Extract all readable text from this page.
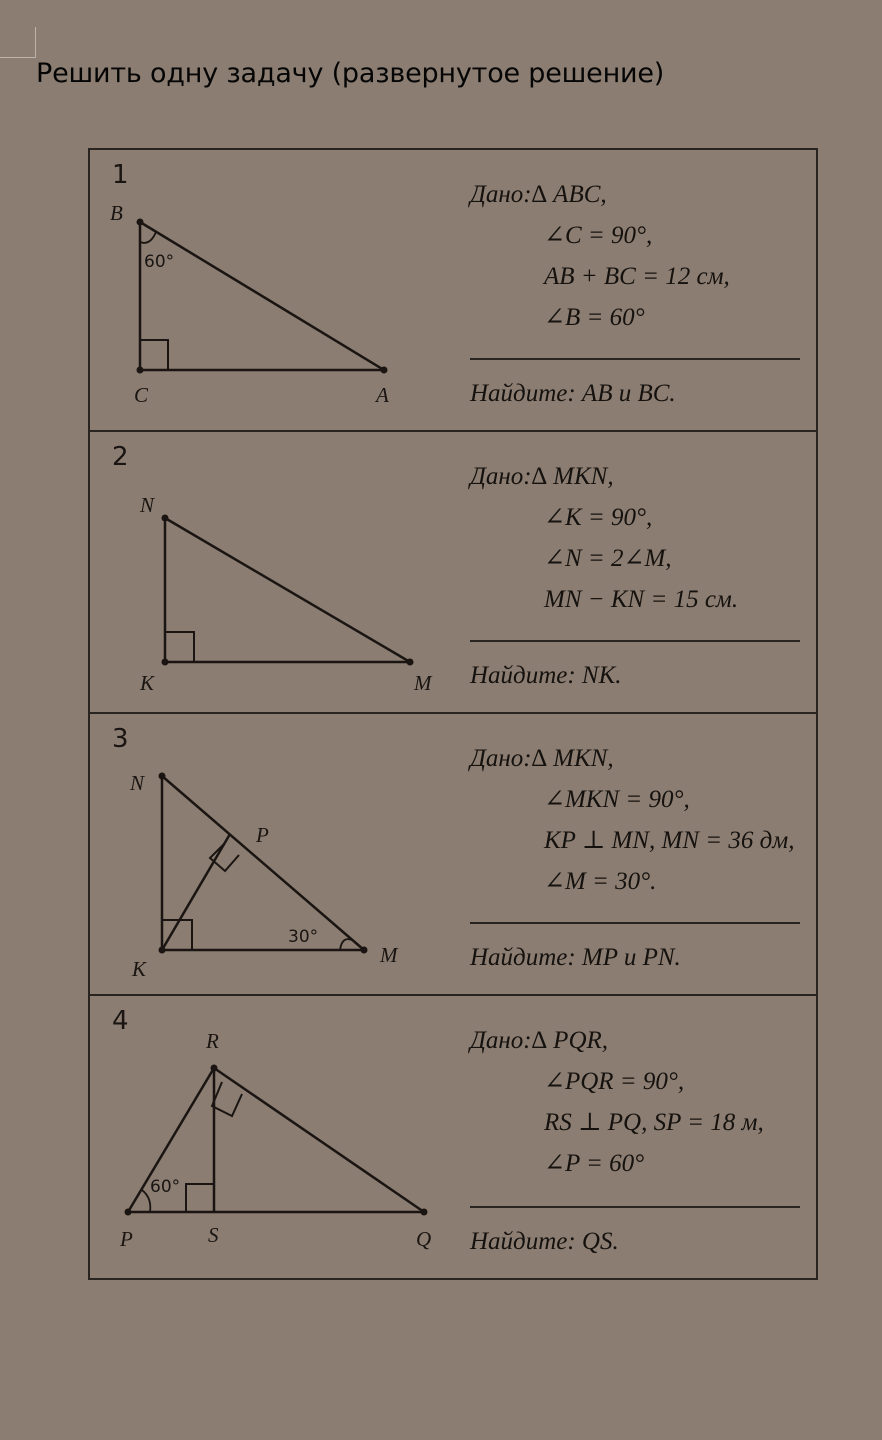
Решить одну задачу (развернутое решение)
1
B
C	A
60°
Дано:∆ ABC,
∠C = 90°,
AB + BC = 12 см,
∠B = 60°
Найдите: AB и BC.
2
N
K	M
Дано:∆ MKN,
∠K = 90°,
∠N = 2∠M,
MN − KN = 15 см.
Найдите: NK.
3
N
P
K
M
30°
Дано:∆ MKN,
∠MKN = 90°,
KP ⊥ MN, MN = 36 дм,
∠M = 30°.
Найдите: MP и PN.
4
R
P	S	Q
60°
Дано:∆ PQR,
∠PQR = 90°,
RS ⊥ PQ, SP = 18 м,
∠P = 60°
Найдите: QS.
